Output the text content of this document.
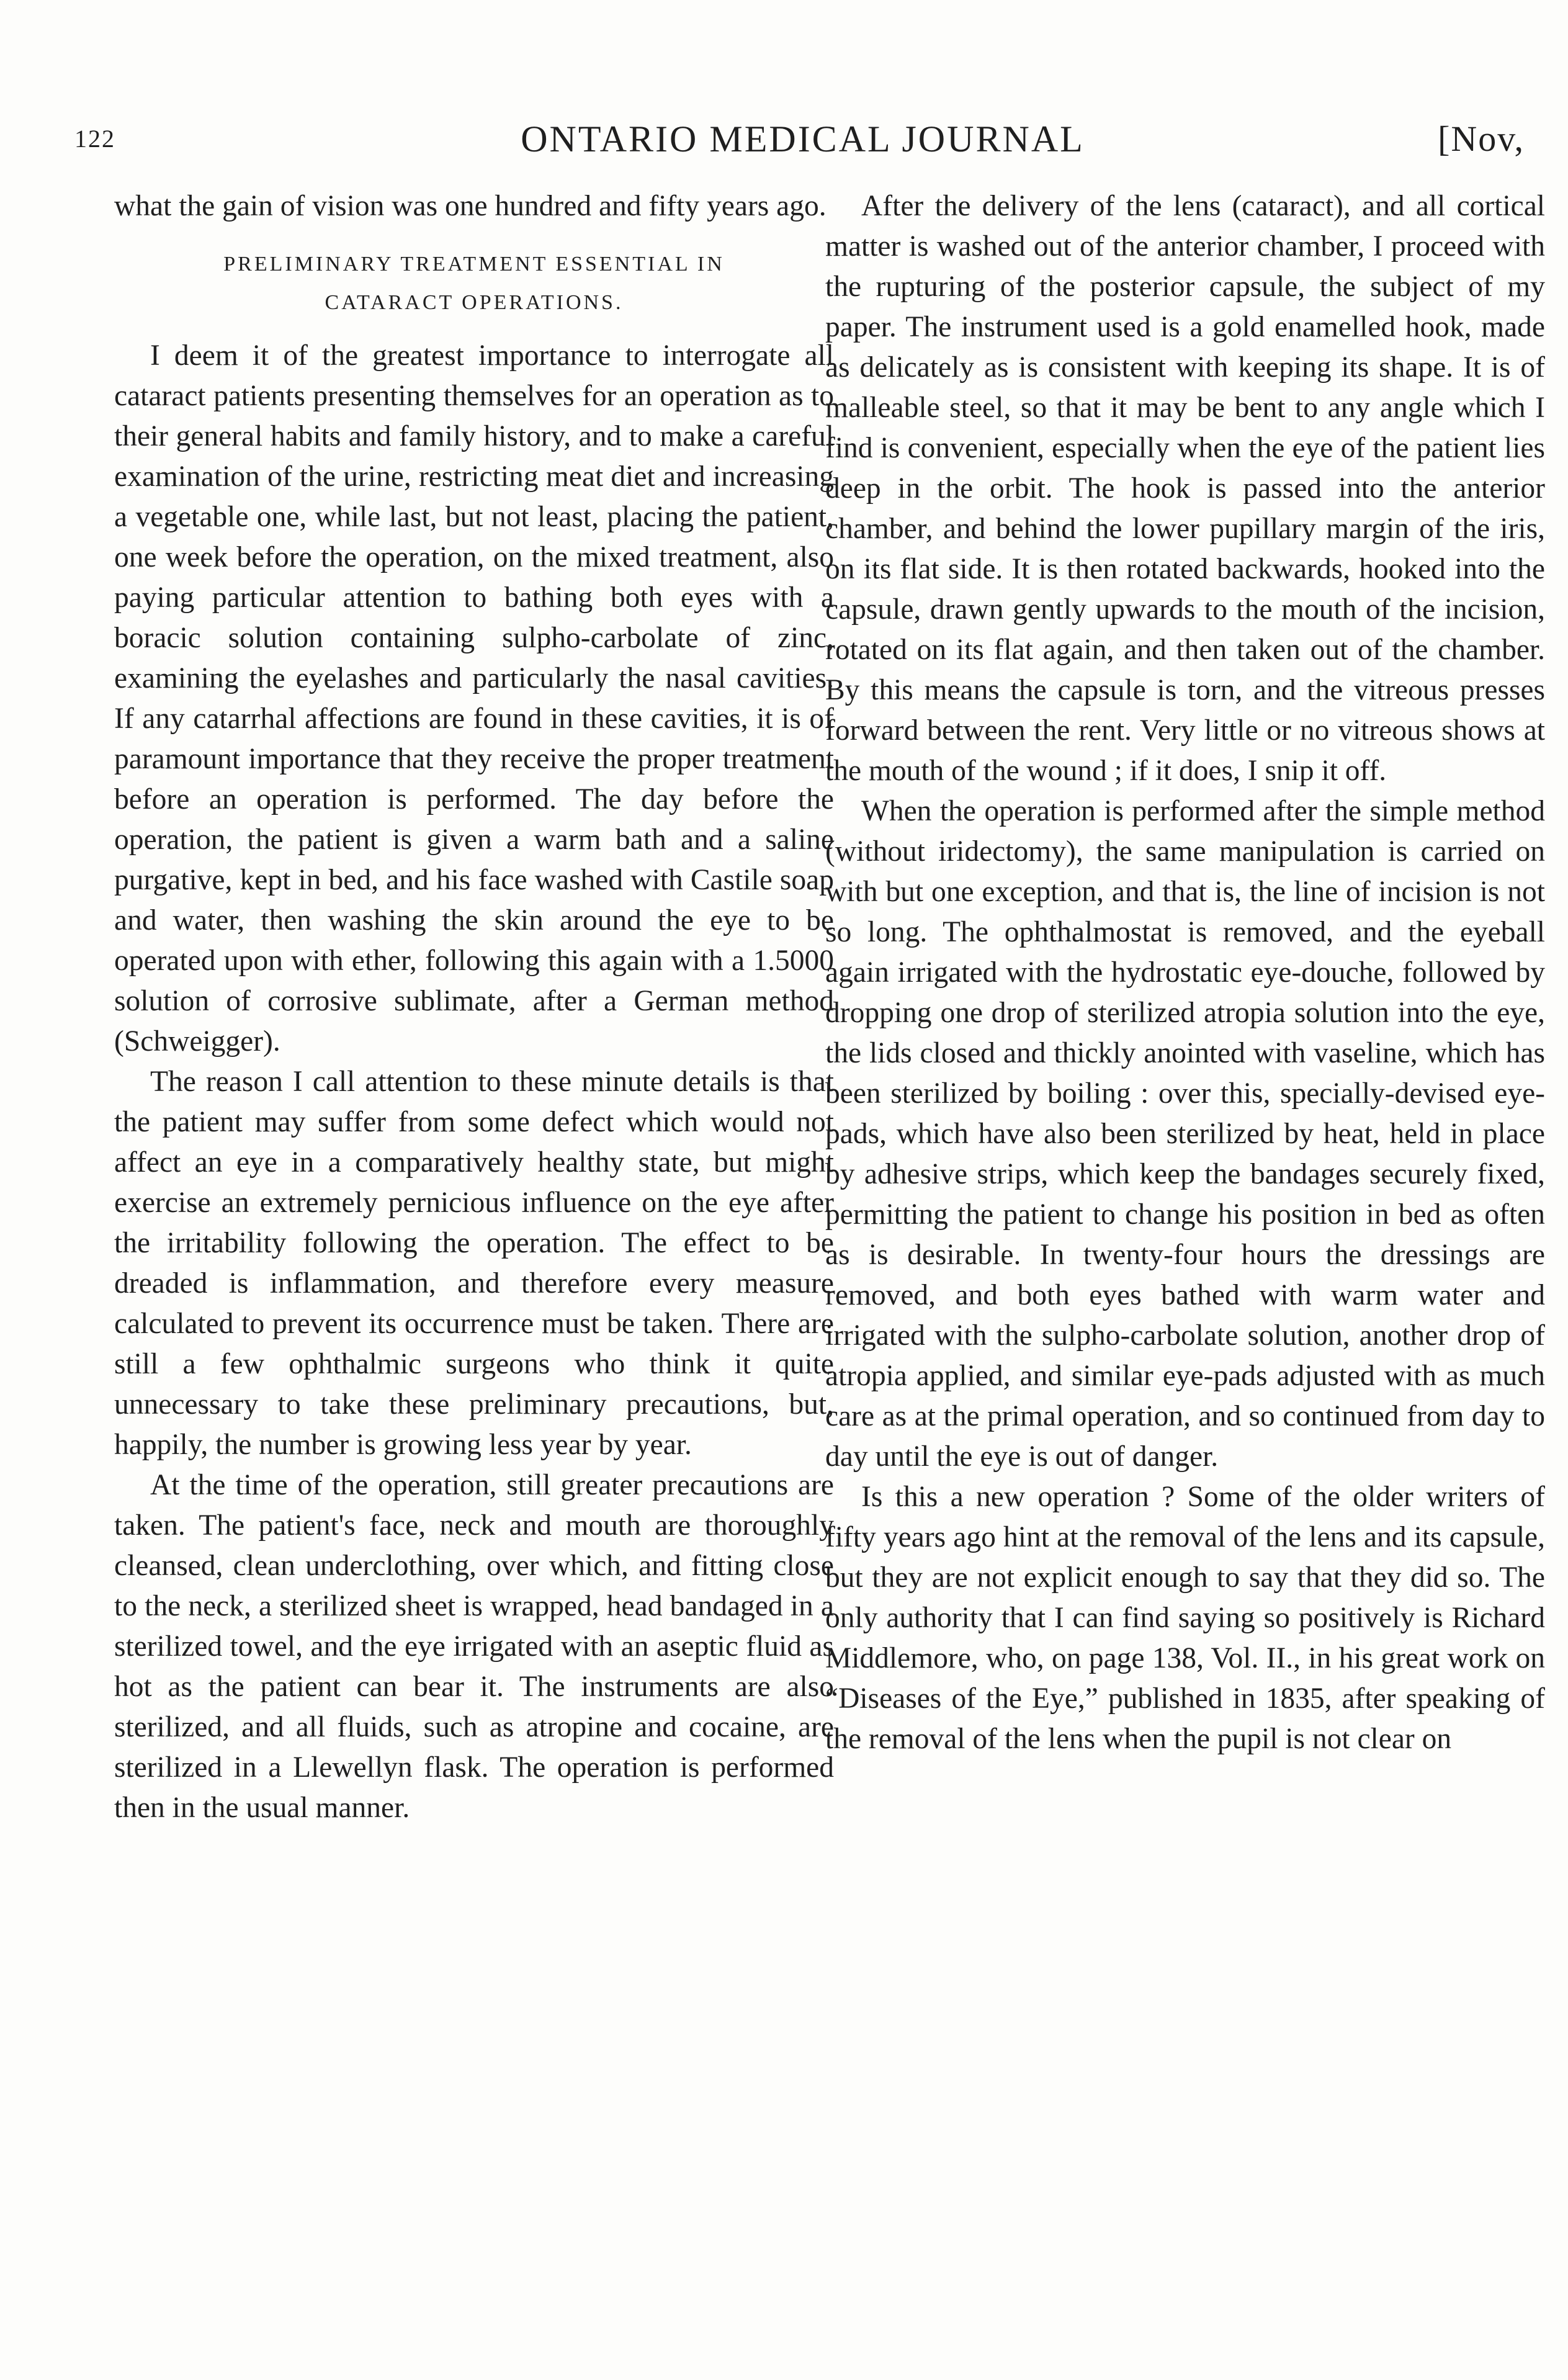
122	ONTARIO MEDICAL JOURNAL	[Nov,

what the gain of vision was one hundred and fifty years ago.

PRELIMINARY TREATMENT ESSENTIAL IN
CATARACT OPERATIONS.

I deem it of the greatest importance to interrogate all cataract patients presenting themselves for an operation as to their general habits and family history, and to make a careful examination of the urine, restricting meat diet and increasing a vegetable one, while last, but not least, placing the patient, one week before the operation, on the mixed treatment, also paying particular attention to bathing both eyes with a boracic solution containing sulpho-carbolate of zinc, examining the eyelashes and particularly the nasal cavities. If any catarrhal affections are found in these cavities, it is of paramount importance that they receive the proper treatment before an operation is performed. The day before the operation, the patient is given a warm bath and a saline purgative, kept in bed, and his face washed with Castile soap and water, then washing the skin around the eye to be operated upon with ether, following this again with a 1.5000 solution of corrosive sublimate, after a German method (Schweigger).

The reason I call attention to these minute details is that the patient may suffer from some defect which would not affect an eye in a comparatively healthy state, but might exercise an extremely pernicious influence on the eye after the irritability following the operation. The effect to be dreaded is inflammation, and therefore every measure calculated to prevent its occurrence must be taken. There are still a few ophthalmic surgeons who think it quite unnecessary to take these preliminary precautions, but, happily, the number is growing less year by year.

At the time of the operation, still greater precautions are taken. The patient's face, neck and mouth are thoroughly cleansed, clean underclothing, over which, and fitting close to the neck, a sterilized sheet is wrapped, head bandaged in a sterilized towel, and the eye irrigated with an aseptic fluid as hot as the patient can bear it. The instruments are also sterilized, and all fluids, such as atropine and cocaine, are sterilized in a Llewellyn flask. The operation is performed then in the usual manner.

After the delivery of the lens (cataract), and all cortical matter is washed out of the anterior chamber, I proceed with the rupturing of the posterior capsule, the subject of my paper. The instrument used is a gold enamelled hook, made as delicately as is consistent with keeping its shape. It is of malleable steel, so that it may be bent to any angle which I find is convenient, especially when the eye of the patient lies deep in the orbit. The hook is passed into the anterior chamber, and behind the lower pupillary margin of the iris, on its flat side. It is then rotated backwards, hooked into the capsule, drawn gently upwards to the mouth of the incision, rotated on its flat again, and then taken out of the chamber. By this means the capsule is torn, and the vitreous presses forward between the rent. Very little or no vitreous shows at the mouth of the wound ; if it does, I snip it off.

When the operation is performed after the simple method (without iridectomy), the same manipulation is carried on with but one exception, and that is, the line of incision is not so long. The ophthalmostat is removed, and the eyeball again irrigated with the hydrostatic eye-douche, followed by dropping one drop of sterilized atropia solution into the eye, the lids closed and thickly anointed with vaseline, which has been sterilized by boiling : over this, specially-devised eye-pads, which have also been sterilized by heat, held in place by adhesive strips, which keep the bandages securely fixed, permitting the patient to change his position in bed as often as is desirable. In twenty-four hours the dressings are removed, and both eyes bathed with warm water and irrigated with the sulpho-carbolate solution, another drop of atropia applied, and similar eye-pads adjusted with as much care as at the primal operation, and so continued from day to day until the eye is out of danger.

Is this a new operation ? Some of the older writers of fifty years ago hint at the removal of the lens and its capsule, but they are not explicit enough to say that they did so. The only authority that I can find saying so positively is Richard Middlemore, who, on page 138, Vol. II., in his great work on “Diseases of the Eye,” published in 1835, after speaking of the removal of the lens when the pupil is not clear on
